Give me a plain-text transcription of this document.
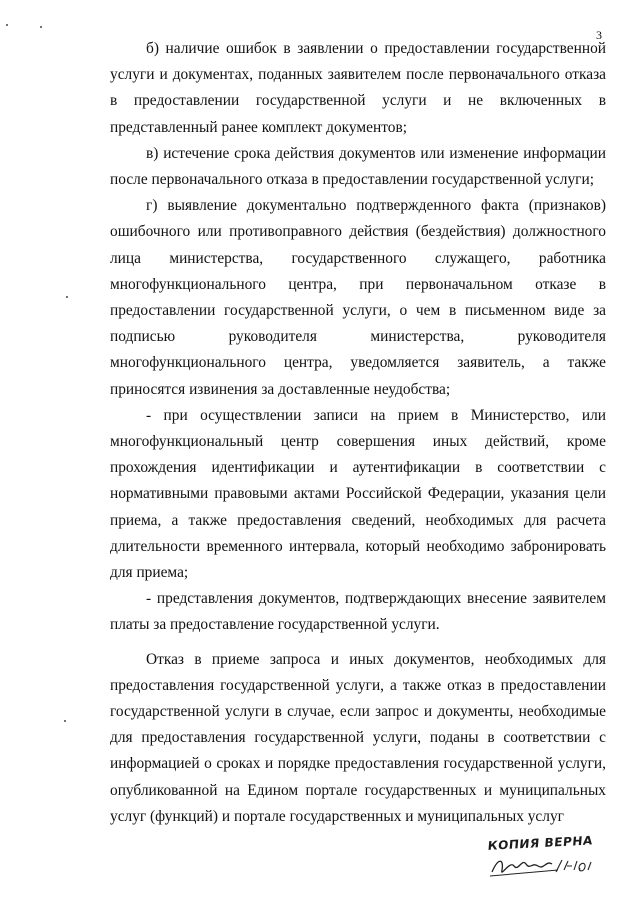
3

б) наличие ошибок в заявлении о предоставлении государственной услуги и документах, поданных заявителем после первоначального отказа в предоставлении государственной услуги и не включенных в представленный ранее комплект документов;

в) истечение срока действия документов или изменение информации после первоначального отказа в предоставлении государственной услуги;

г) выявление документально подтвержденного факта (признаков) ошибочного или противоправного действия (бездействия) должностного лица министерства, государственного служащего, работника многофункционального центра, при первоначальном отказе в предоставлении государственной услуги, о чем в письменном виде за подписью руководителя министерства, руководителя многофункционального центра, уведомляется заявитель, а также приносятся извинения за доставленные неудобства;

- при осуществлении записи на прием в Министерство, или многофункциональный центр совершения иных действий, кроме прохождения идентификации и аутентификации в соответствии с нормативными правовыми актами Российской Федерации, указания цели приема, а также предоставления сведений, необходимых для расчета длительности временного интервала, который необходимо забронировать для приема;

- представления документов, подтверждающих внесение заявителем платы за предоставление государственной услуги.

Отказ в приеме запроса и иных документов, необходимых для предоставления государственной услуги, а также отказ в предоставлении государственной услуги в случае, если запрос и документы, необходимые для предоставления государственной услуги, поданы в соответствии с информацией о сроках и порядке предоставления государственной услуги, опубликованной на Едином портале государственных и муниципальных услуг (функций) и портале государственных и муниципальных услуг

КОПИЯ ВЕРНА
